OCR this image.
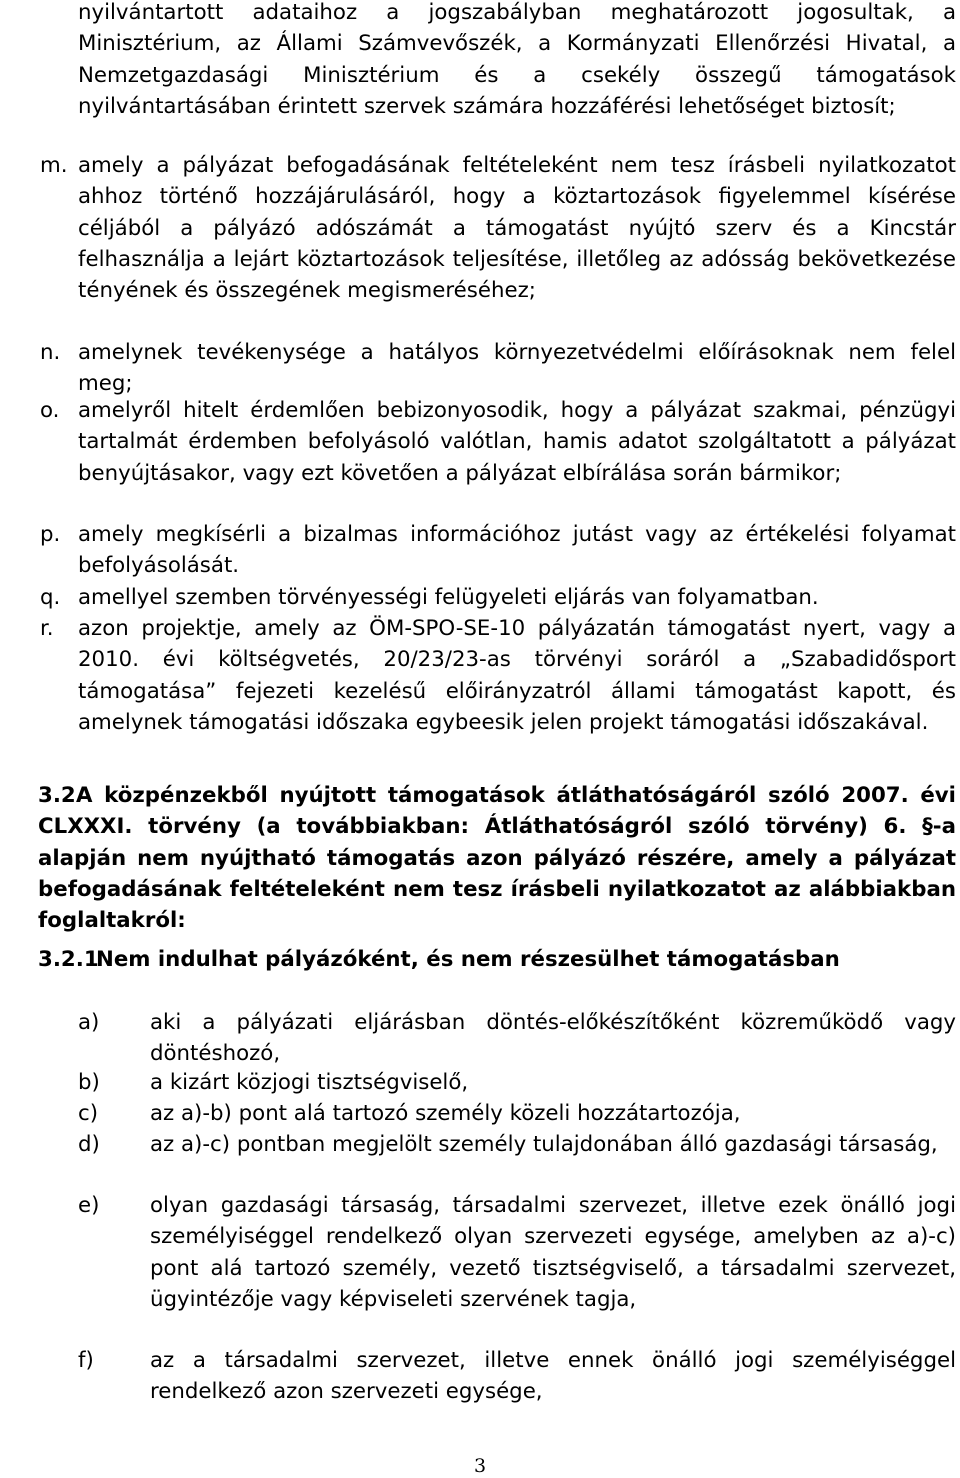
nyilvántartott adataihoz a jogszabályban meghatározott jogosultak, a Minisztérium, az Állami Számvevőszék, a Kormányzati Ellenőrzési Hivatal, a Nemzetgazdasági Minisztérium és a csekély összegű támogatások nyilvántartásában érintett szervek számára hozzáférési lehetőséget biztosít;

m. amely a pályázat befogadásának feltételeként nem tesz írásbeli nyilatkozatot ahhoz történő hozzájárulásáról, hogy a köztartozások figyelemmel kísérése céljából a pályázó adószámát a támogatást nyújtó szerv és a Kincstár felhasználja a lejárt köztartozások teljesítése, illetőleg az adósság bekövetkezése tényének és összegének megismeréséhez;

n. amelynek tevékenysége a hatályos környezetvédelmi előírásoknak nem felel meg;

o. amelyről hitelt érdemlően bebizonyosodik, hogy a pályázat szakmai, pénzügyi tartalmát érdemben befolyásoló valótlan, hamis adatot szolgáltatott a pályázat benyújtásakor, vagy ezt követően a pályázat elbírálása során bármikor;

p. amely megkísérli a bizalmas információhoz jutást vagy az értékelési folyamat befolyásolását.

q. amellyel szemben törvényességi felügyeleti eljárás van folyamatban.

r. azon projektje, amely az ÖM-SPO-SE-10 pályázatán támogatást nyert, vagy a 2010. évi költségvetés, 20/23/23-as törvényi soráról a „Szabadidősport támogatása” fejezeti kezelésű előirányzatról állami támogatást kapott, és amelynek támogatási időszaka egybeesik jelen projekt támogatási időszakával.

3.2 A közpénzekből nyújtott támogatások átláthatóságáról szóló 2007. évi CLXXXI. törvény (a továbbiakban: Átláthatóságról szóló törvény) 6. §-a alapján nem nyújtható támogatás azon pályázó részére, amely a pályázat befogadásának feltételeként nem tesz írásbeli nyilatkozatot az alábbiakban foglaltakról:

3.2.1

Nem indulhat pályázóként, és nem részesülhet támogatásban

a) aki a pályázati eljárásban döntés-előkészítőként közreműködő vagy döntéshozó,

b) a kizárt közjogi tisztségviselő,

c) az a)-b) pont alá tartozó személy közeli hozzátartozója,

d) az a)-c) pontban megjelölt személy tulajdonában álló gazdasági társaság,

e) olyan gazdasági társaság, társadalmi szervezet, illetve ezek önálló jogi személyiséggel rendelkező olyan szervezeti egysége, amelyben az a)-c) pont alá tartozó személy, vezető tisztségviselő, a társadalmi szervezet, ügyintézője vagy képviseleti szervének tagja,

f)	az a társadalmi szervezet, illetve ennek önálló jogi személyiséggel rendelkező azon szervezeti egysége,

3
